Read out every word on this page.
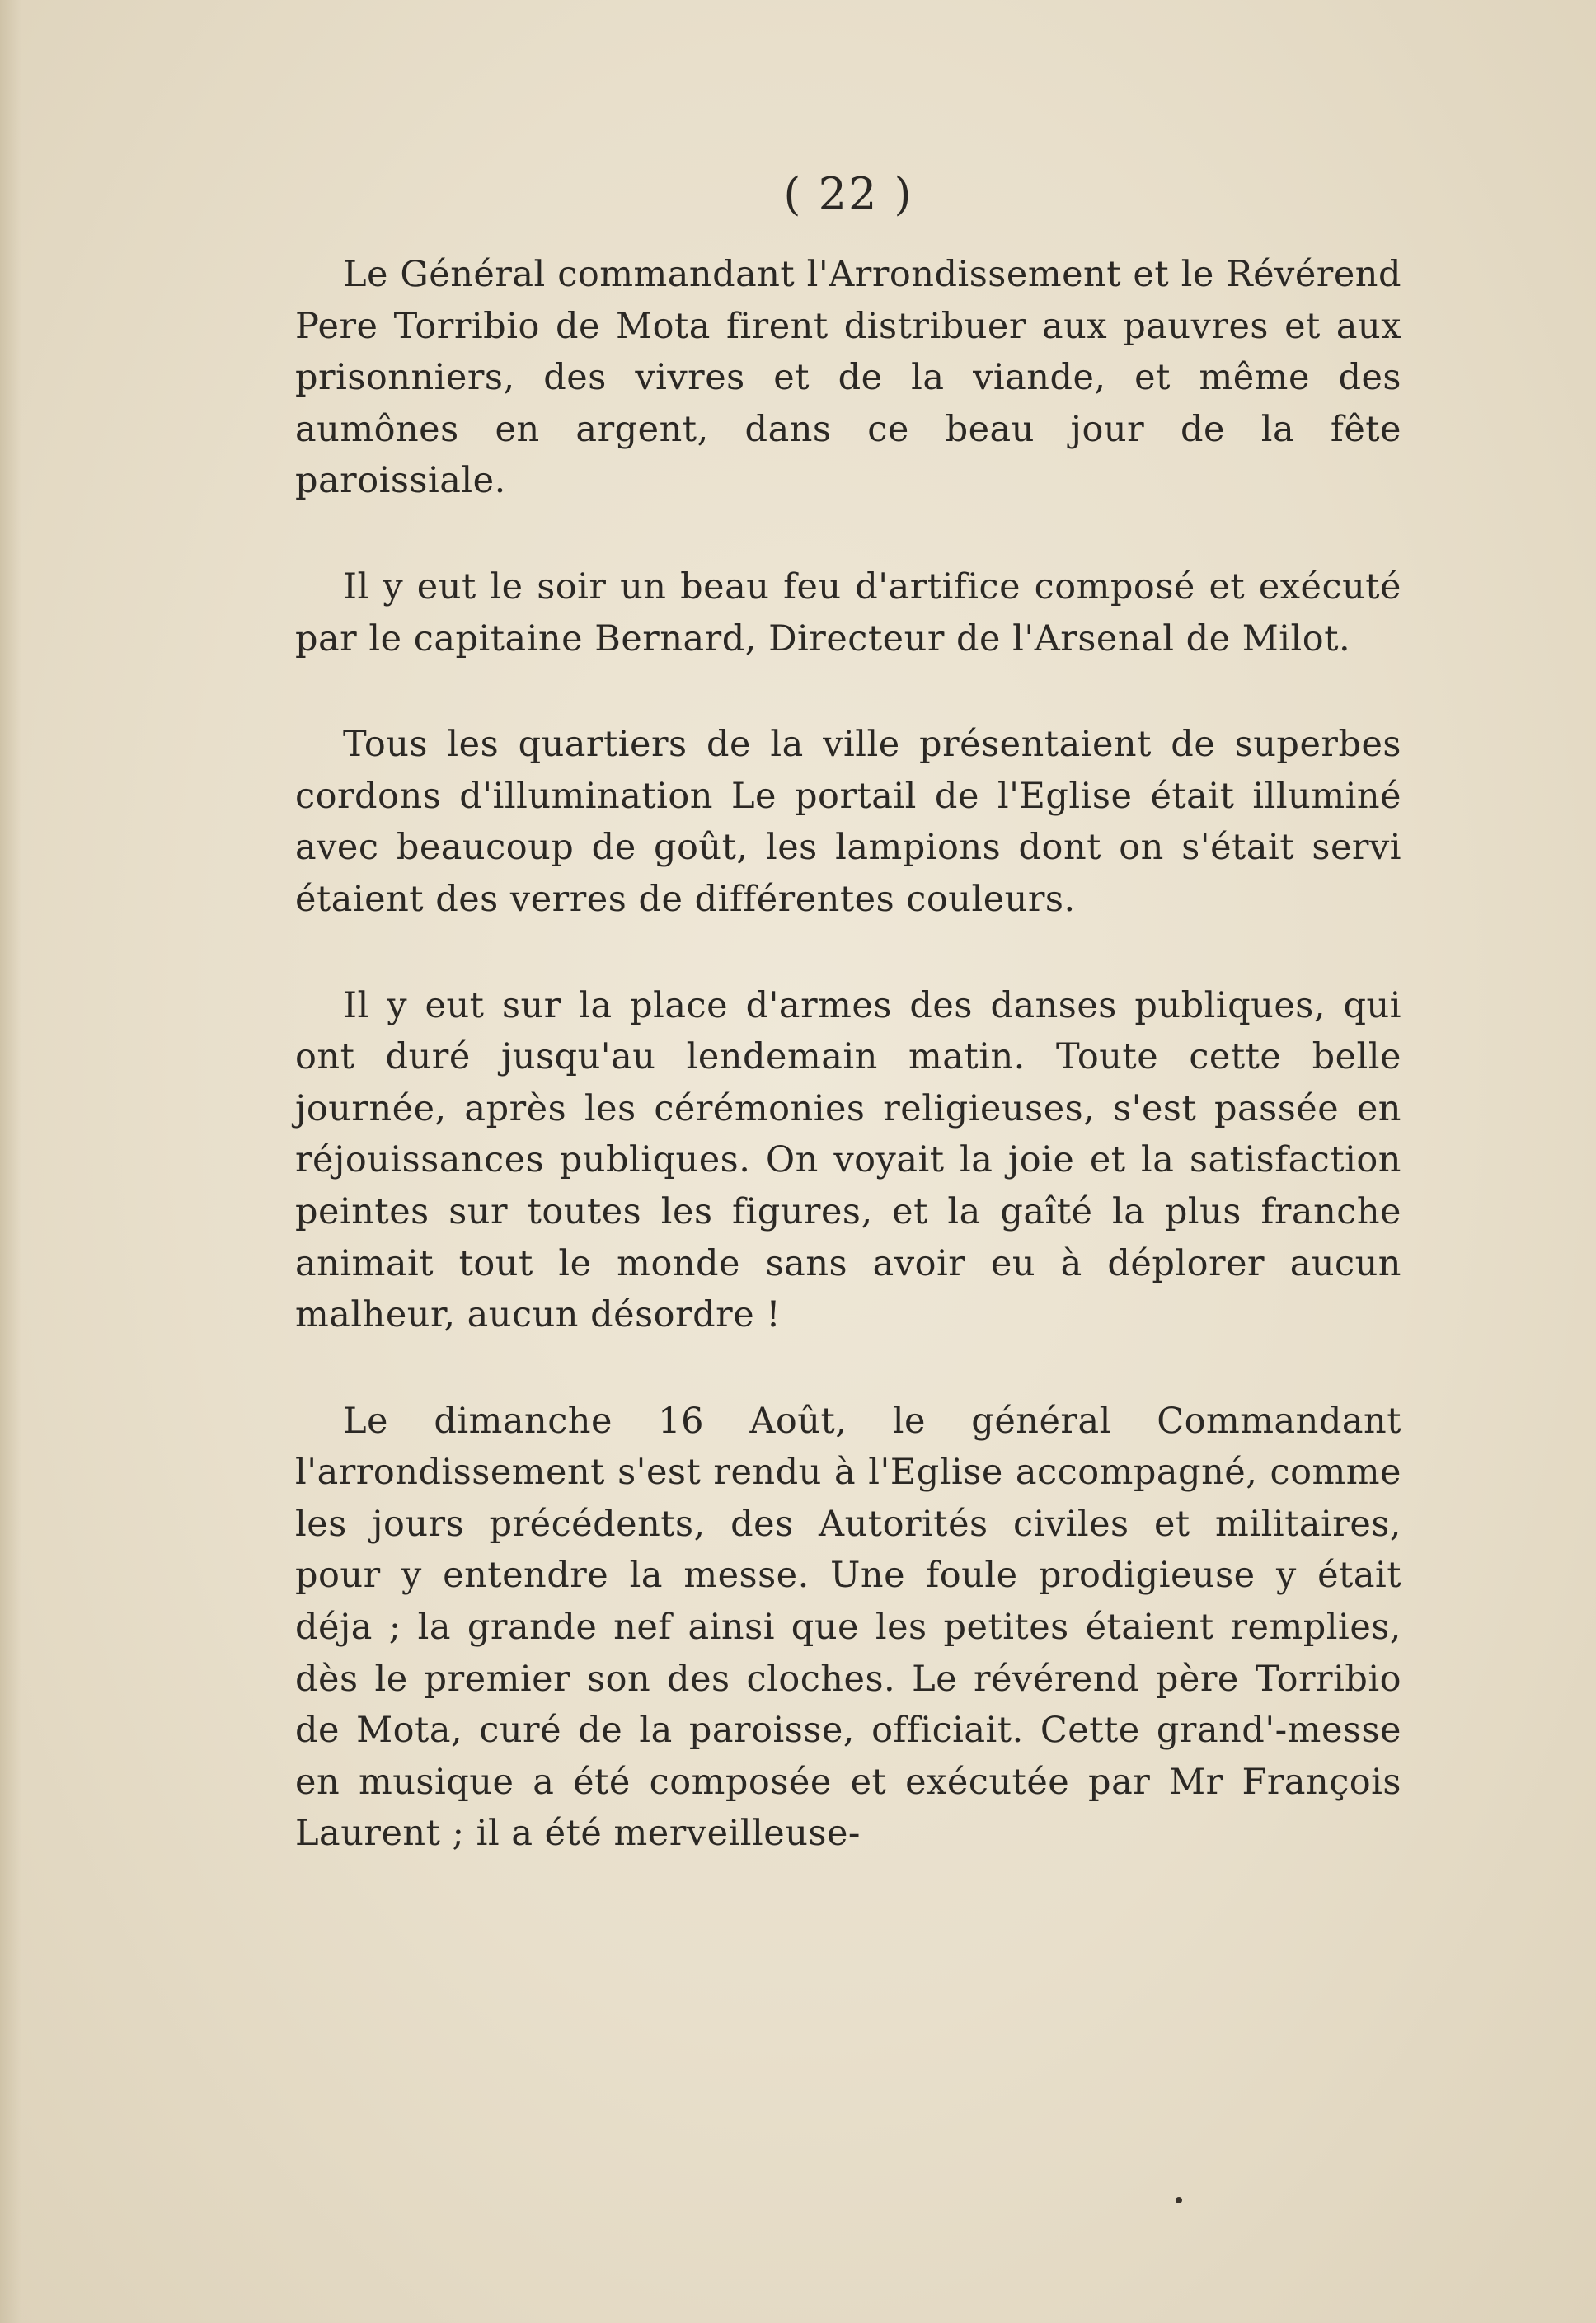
( 22 )

Le Général commandant l'Arrondissement et le Révérend Pere Torribio de Mota firent distribuer aux pauvres et aux prisonniers, des vivres et de la viande, et même des aumônes en argent, dans ce beau jour de la fête paroissiale.

Il y eut le soir un beau feu d'artifice composé et exécuté par le capitaine Bernard, Directeur de l'Arsenal de Milot.

Tous les quartiers de la ville présentaient de superbes cordons d'illumination Le portail de l'Eglise était illuminé avec beaucoup de goût, les lampions dont on s'était servi étaient des verres de différentes couleurs.

Il y eut sur la place d'armes des danses publiques, qui ont duré jusqu'au lendemain matin. Toute cette belle journée, après les cérémonies religieuses, s'est passée en réjouissances publiques. On voyait la joie et la satisfaction peintes sur toutes les figures, et la gaîté la plus franche animait tout le monde sans avoir eu à déplorer aucun malheur, aucun désordre !

Le dimanche 16 Août, le général Commandant l'arrondissement s'est rendu à l'Eglise accompagné, comme les jours précédents, des Autorités civiles et militaires, pour y entendre la messe. Une foule prodigieuse y était déja ; la grande nef ainsi que les petites étaient remplies, dès le premier son des cloches. Le révérend père Torribio de Mota, curé de la paroisse, officiait. Cette grand'-messe en musique a été composée et exécutée par Mr François Laurent ; il a été merveilleuse-
